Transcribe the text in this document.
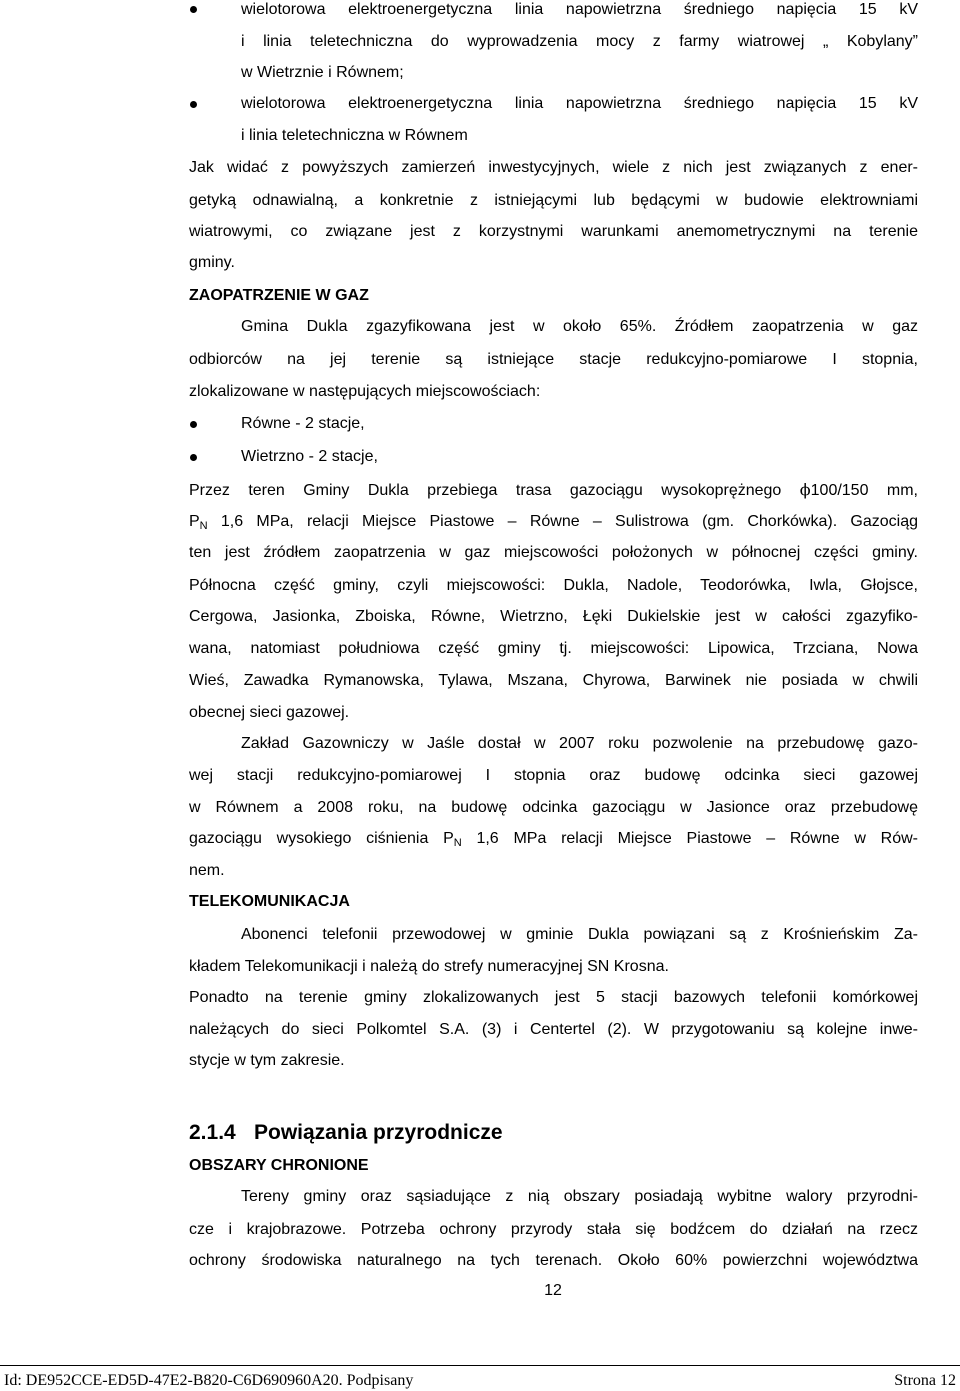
wielotorowa elektroenergetyczna linia napowietrzna średniego napięcia 15 kV
i linia teletechniczna do wyprowadzenia mocy z farmy wiatrowej „ Kobylany”
w Wietrznie i Równem;
wielotorowa elektroenergetyczna linia napowietrzna średniego napięcia 15 kV
i linia teletechniczna w Równem
Jak widać z powyższych zamierzeń inwestycyjnych, wiele z nich jest związanych z ener-
getyką odnawialną, a konkretnie z istniejącymi lub będącymi w budowie elektrowniami
wiatrowymi, co związane jest z korzystnymi warunkami anemometrycznymi na terenie
gminy.
ZAOPATRZENIE W GAZ
Gmina Dukla zgazyfikowana jest w około 65%. Źródłem zaopatrzenia w gaz
odbiorców na jej terenie są istniejące stacje redukcyjno-pomiarowe I stopnia,
zlokalizowane w następujących miejscowościach:
Równe - 2 stacje,
Wietrzno - 2 stacje,
Przez teren Gminy Dukla przebiega trasa gazociągu wysokoprężnego ϕ100/150 mm,
$P_N$ 1,6 MPa, relacji Miejsce Piastowe – Równe – Sulistrowa (gm. Chorkówka). Gazociąg
ten jest źródłem zaopatrzenia w gaz miejscowości położonych w północnej części gminy.
Północna część gminy, czyli miejscowości: Dukla, Nadole, Teodorówka, Iwla, Głojsce,
Cergowa, Jasionka, Zboiska, Równe, Wietrzno, Łęki Dukielskie jest w całości zgazyfiko-
wana, natomiast południowa część gminy tj. miejscowości: Lipowica, Trzciana, Nowa
Wieś, Zawadka Rymanowska, Tylawa, Mszana, Chyrowa, Barwinek nie posiada w chwili
obecnej sieci gazowej.
Zakład Gazowniczy w Jaśle dostał w 2007 roku pozwolenie na przebudowę gazo-
wej stacji redukcyjno-pomiarowej I stopnia oraz budowę odcinka sieci gazowej
w Równem a 2008 roku, na budowę odcinka gazociągu w Jasionce oraz przebudowę
gazociągu wysokiego ciśnienia $P_N$ 1,6 MPa relacji Miejsce Piastowe – Równe w Rów-
nem.
TELEKOMUNIKACJA
Abonenci telefonii przewodowej w gminie Dukla powiązani są z Krośnieńskim Za-
kładem Telekomunikacji i należą do strefy numeracyjnej SN Krosna.
Ponadto na terenie gminy zlokalizowanych jest 5 stacji bazowych telefonii komórkowej
należących do sieci Polkomtel S.A. (3) i Centertel (2). W przygotowaniu są kolejne inwe-
stycje w tym zakresie.
2.1.4 Powiązania przyrodnicze
OBSZARY CHRONIONE
Tereny gminy oraz sąsiadujące z nią obszary posiadają wybitne walory przyrodni-
cze i krajobrazowe. Potrzeba ochrony przyrody stała się bodźcem do działań na rzecz
ochrony środowiska naturalnego na tych terenach. Około 60% powierzchni województwa
12
Id: DE952CCE-ED5D-47E2-B820-C6D690960A20. Podpisany	Strona 12
